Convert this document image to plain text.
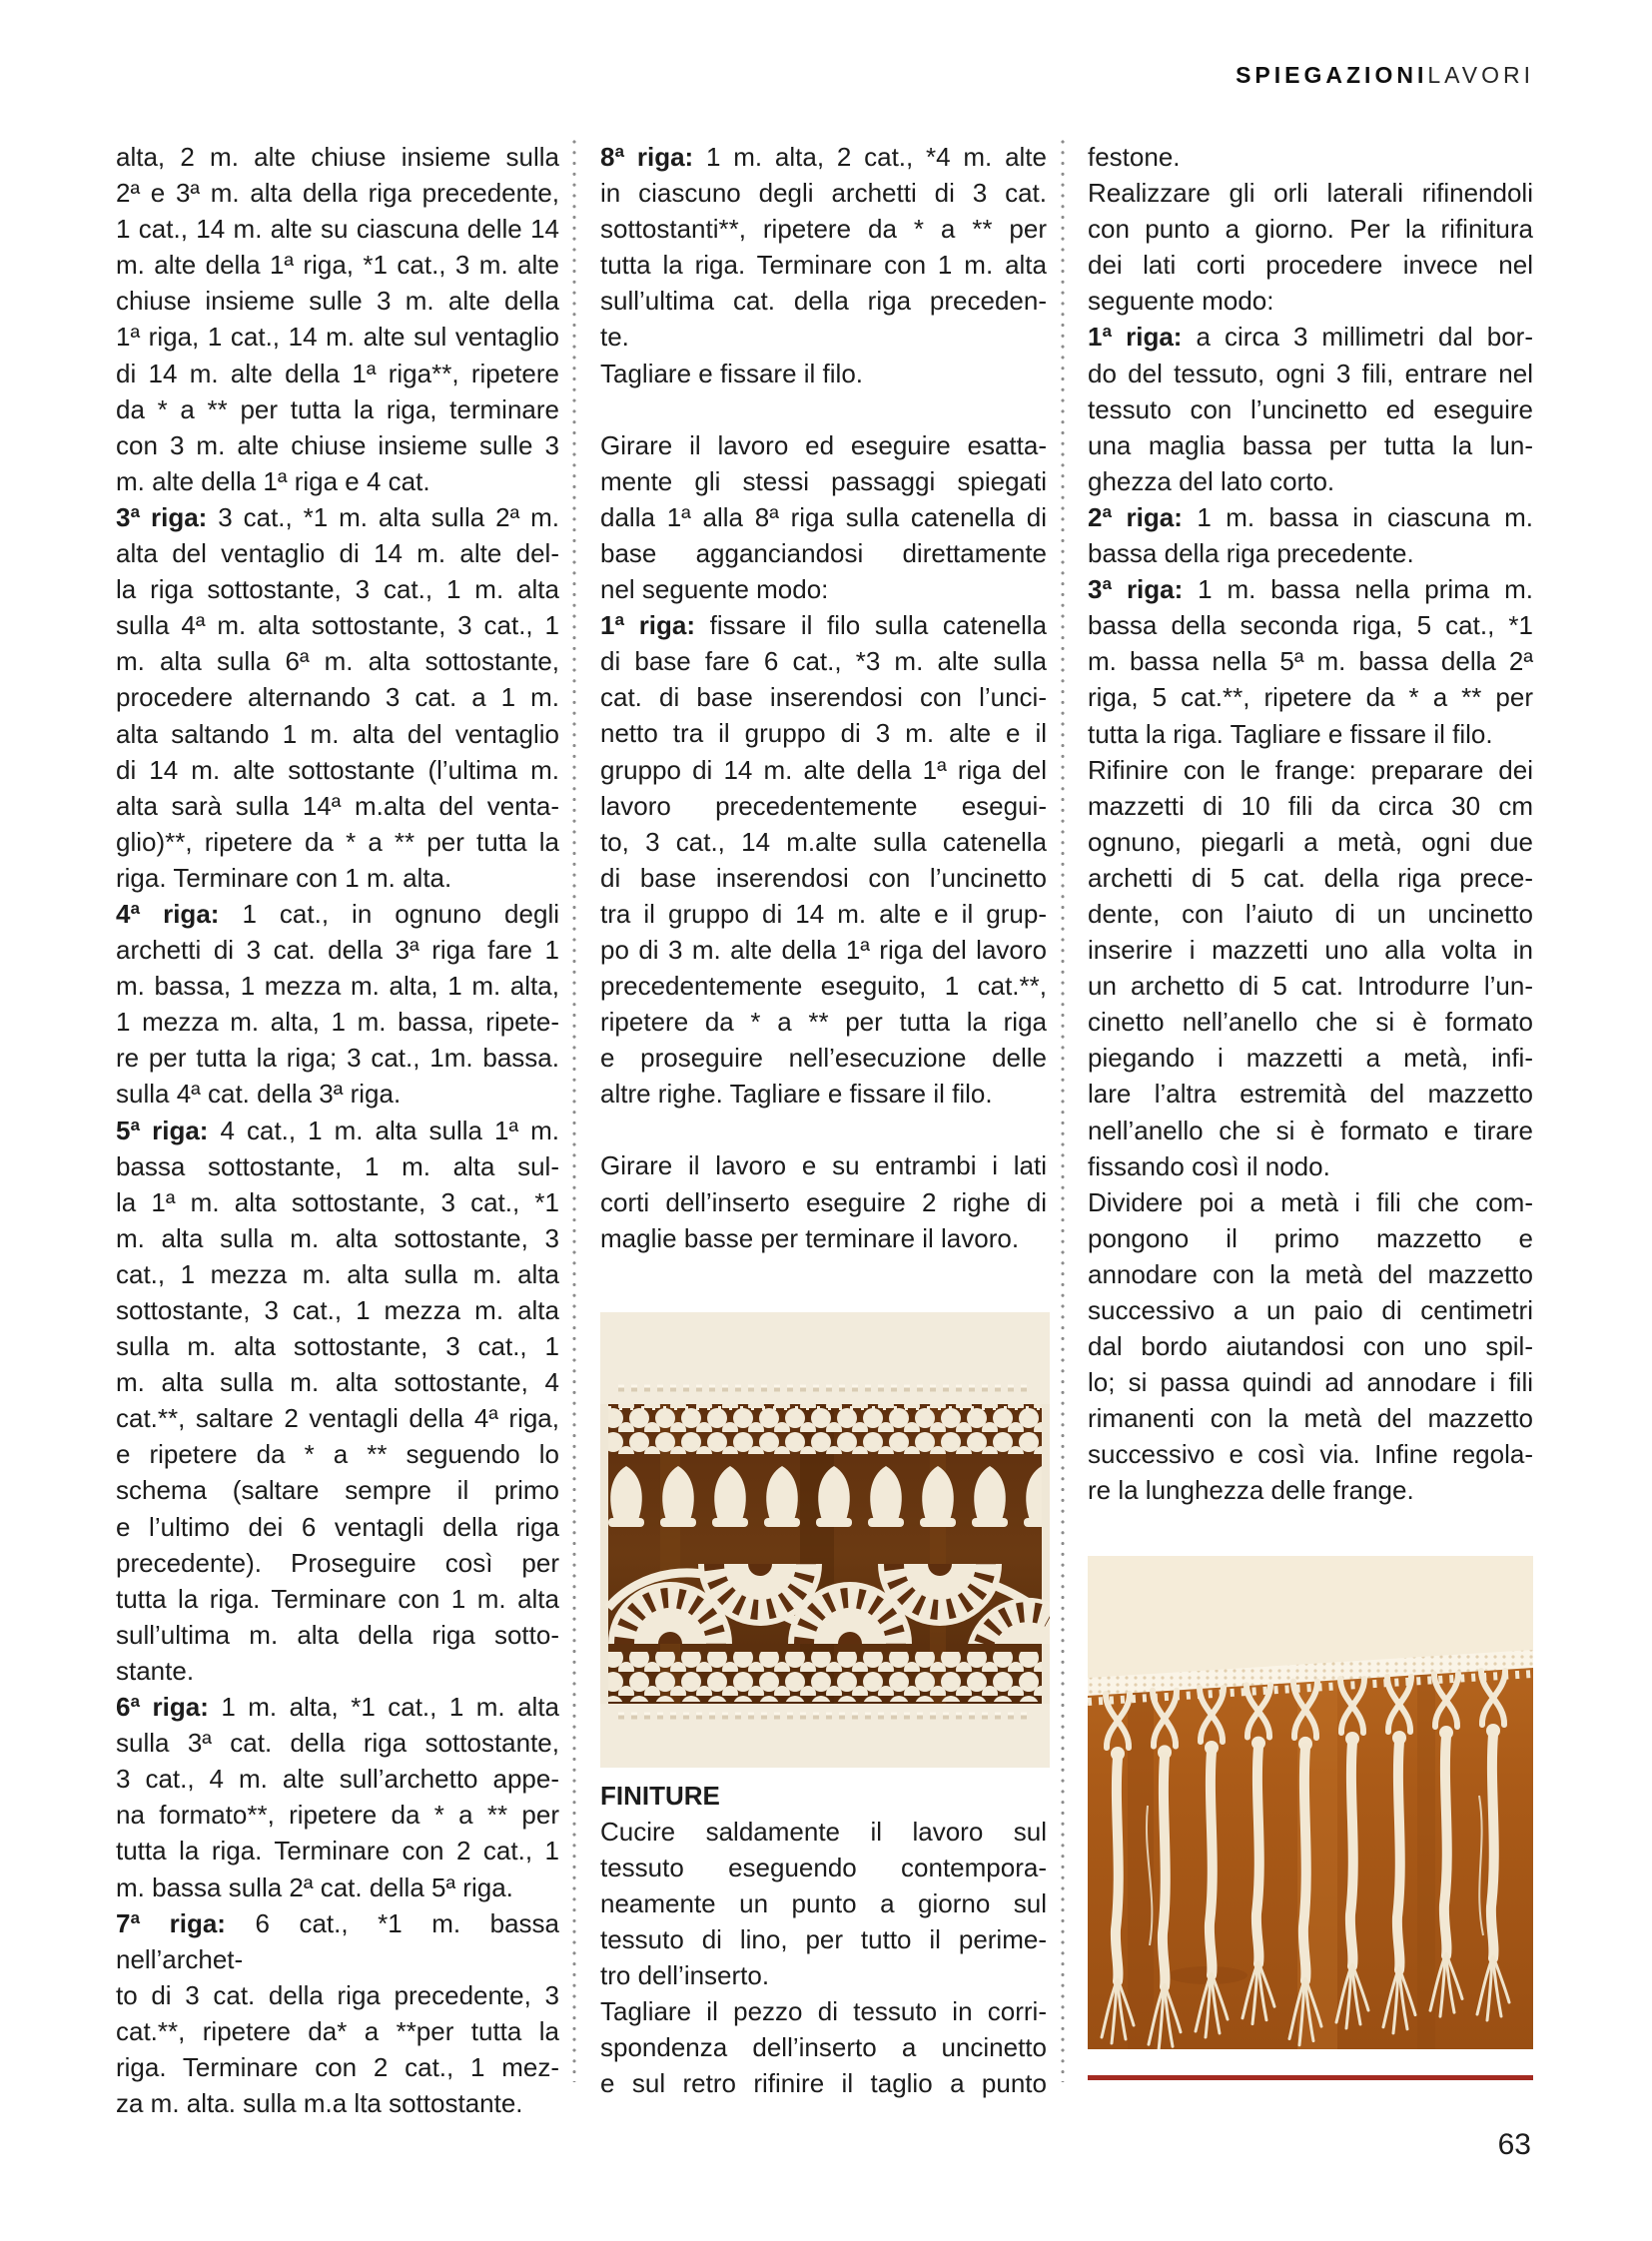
SPIEGAZIONILAVORI
alta, 2 m. alte chiuse insieme sulla
2ª e 3ª m. alta della riga precedente,
1 cat., 14 m. alte su ciascuna delle 14
m. alte della 1ª riga, *1 cat., 3 m. alte
chiuse insieme sulle 3 m. alte della
1ª riga, 1 cat., 14 m. alte sul ventaglio
di 14 m. alte della 1ª riga**, ripetere
da * a ** per tutta la riga, terminare
con 3 m. alte chiuse insieme sulle 3
m. alte della 1ª riga e 4 cat.
3ª riga: 3 cat., *1 m. alta sulla 2ª m.
alta del ventaglio di 14 m. alte del-
la riga sottostante, 3 cat., 1 m. alta
sulla 4ª m. alta sottostante, 3 cat., 1
m. alta sulla 6ª m. alta sottostante,
procedere alternando 3 cat. a 1 m.
alta saltando 1 m. alta del ventaglio
di 14 m. alte sottostante (l’ultima m.
alta sarà sulla 14ª m.alta del venta-
glio)**, ripetere da * a ** per tutta la
riga. Terminare con 1 m. alta.
4ª riga: 1 cat., in ognuno degli
archetti di 3 cat. della 3ª riga fare 1
m. bassa, 1 mezza m. alta, 1 m. alta,
1 mezza m. alta, 1 m. bassa, ripete-
re per tutta la riga; 3 cat., 1m. bassa.
sulla 4ª cat. della 3ª riga.
5ª riga: 4 cat., 1 m. alta sulla 1ª m.
bassa sottostante, 1 m. alta sul-
la 1ª m. alta sottostante, 3 cat., *1
m. alta sulla m. alta sottostante, 3
cat., 1 mezza m. alta sulla m. alta
sottostante, 3 cat., 1 mezza m. alta
sulla m. alta sottostante, 3 cat., 1
m. alta sulla m. alta sottostante, 4
cat.**, saltare 2 ventagli della 4ª riga,
e ripetere da * a ** seguendo lo
schema (saltare sempre il primo
e l’ultimo dei 6 ventagli della riga
precedente). Proseguire così per
tutta la riga. Terminare con 1 m. alta
sull’ultima m. alta della riga sotto-
stante.
6ª riga: 1 m. alta, *1 cat., 1 m. alta
sulla 3ª cat. della riga sottostante,
3 cat., 4 m. alte sull’archetto appe-
na formato**, ripetere da * a ** per
tutta la riga. Terminare con 2 cat., 1
m. bassa sulla 2ª cat. della 5ª riga.
7ª riga: 6 cat., *1 m. bassa nell’archet-
to di 3 cat. della riga precedente, 3
cat.**, ripetere da* a **per tutta la
riga. Terminare con 2 cat., 1 mez-
za m. alta. sulla m.a lta sottostante.
8ª riga: 1 m. alta, 2 cat., *4 m. alte
in ciascuno degli archetti di 3 cat.
sottostanti**, ripetere da * a ** per
tutta la riga. Terminare con 1 m. alta
sull’ultima cat. della riga preceden-
te.
Tagliare e fissare il filo.
Girare il lavoro ed eseguire esatta-
mente gli stessi passaggi spiegati
dalla 1ª alla 8ª riga sulla catenella di
base agganciandosi direttamente
nel seguente modo:
1ª riga: fissare il filo sulla catenella
di base fare 6 cat., *3 m. alte sulla
cat. di base inserendosi con l’unci-
netto tra il gruppo di 3 m. alte e il
gruppo di 14 m. alte della 1ª riga del
lavoro precedentemente esegui-
to, 3 cat., 14 m.alte sulla catenella
di base inserendosi con l’uncinetto
tra il gruppo di 14 m. alte e il grup-
po di 3 m. alte della 1ª riga del lavoro
precedentemente eseguito, 1 cat.**,
ripetere da * a ** per tutta la riga
e proseguire nell’esecuzione delle
altre righe. Tagliare e fissare il filo.
Girare il lavoro e su entrambi i lati
corti dell’inserto eseguire 2 righe di
maglie basse per terminare il lavoro.
FINITURE
Cucire saldamente il lavoro sul
tessuto eseguendo contempora-
neamente un punto a giorno sul
tessuto di lino, per tutto il perime-
tro dell’inserto.
Tagliare il pezzo di tessuto in corri-
spondenza dell’inserto a uncinetto
e sul retro rifinire il taglio a punto
festone.
Realizzare gli orli laterali rifinendoli
con punto a giorno. Per la rifinitura
dei lati corti procedere invece nel
seguente modo:
1ª riga: a circa 3 millimetri dal bor-
do del tessuto, ogni 3 fili, entrare nel
tessuto con l’uncinetto ed eseguire
una maglia bassa per tutta la lun-
ghezza del lato corto.
2ª riga: 1 m. bassa in ciascuna m.
bassa della riga precedente.
3ª riga: 1 m. bassa nella prima m.
bassa della seconda riga, 5 cat., *1
m. bassa nella 5ª m. bassa della 2ª
riga, 5 cat.**, ripetere da * a ** per
tutta la riga. Tagliare e fissare il filo.
Rifinire con le frange: preparare dei
mazzetti di 10 fili da circa 30 cm
ognuno, piegarli a metà, ogni due
archetti di 5 cat. della riga prece-
dente, con l’aiuto di un uncinetto
inserire i mazzetti uno alla volta in
un archetto di 5 cat. Introdurre l’un-
cinetto nell’anello che si è formato
piegando i mazzetti a metà, infi-
lare l’altra estremità del mazzetto
nell’anello che si è formato e tirare
fissando così il nodo.
Dividere poi a metà i fili che com-
pongono il primo mazzetto e
annodare con la metà del mazzetto
successivo a un paio di centimetri
dal bordo aiutandosi con uno spil-
lo; si passa quindi ad annodare i fili
rimanenti con la metà del mazzetto
successivo e così via. Infine regola-
re la lunghezza delle frange.
63
